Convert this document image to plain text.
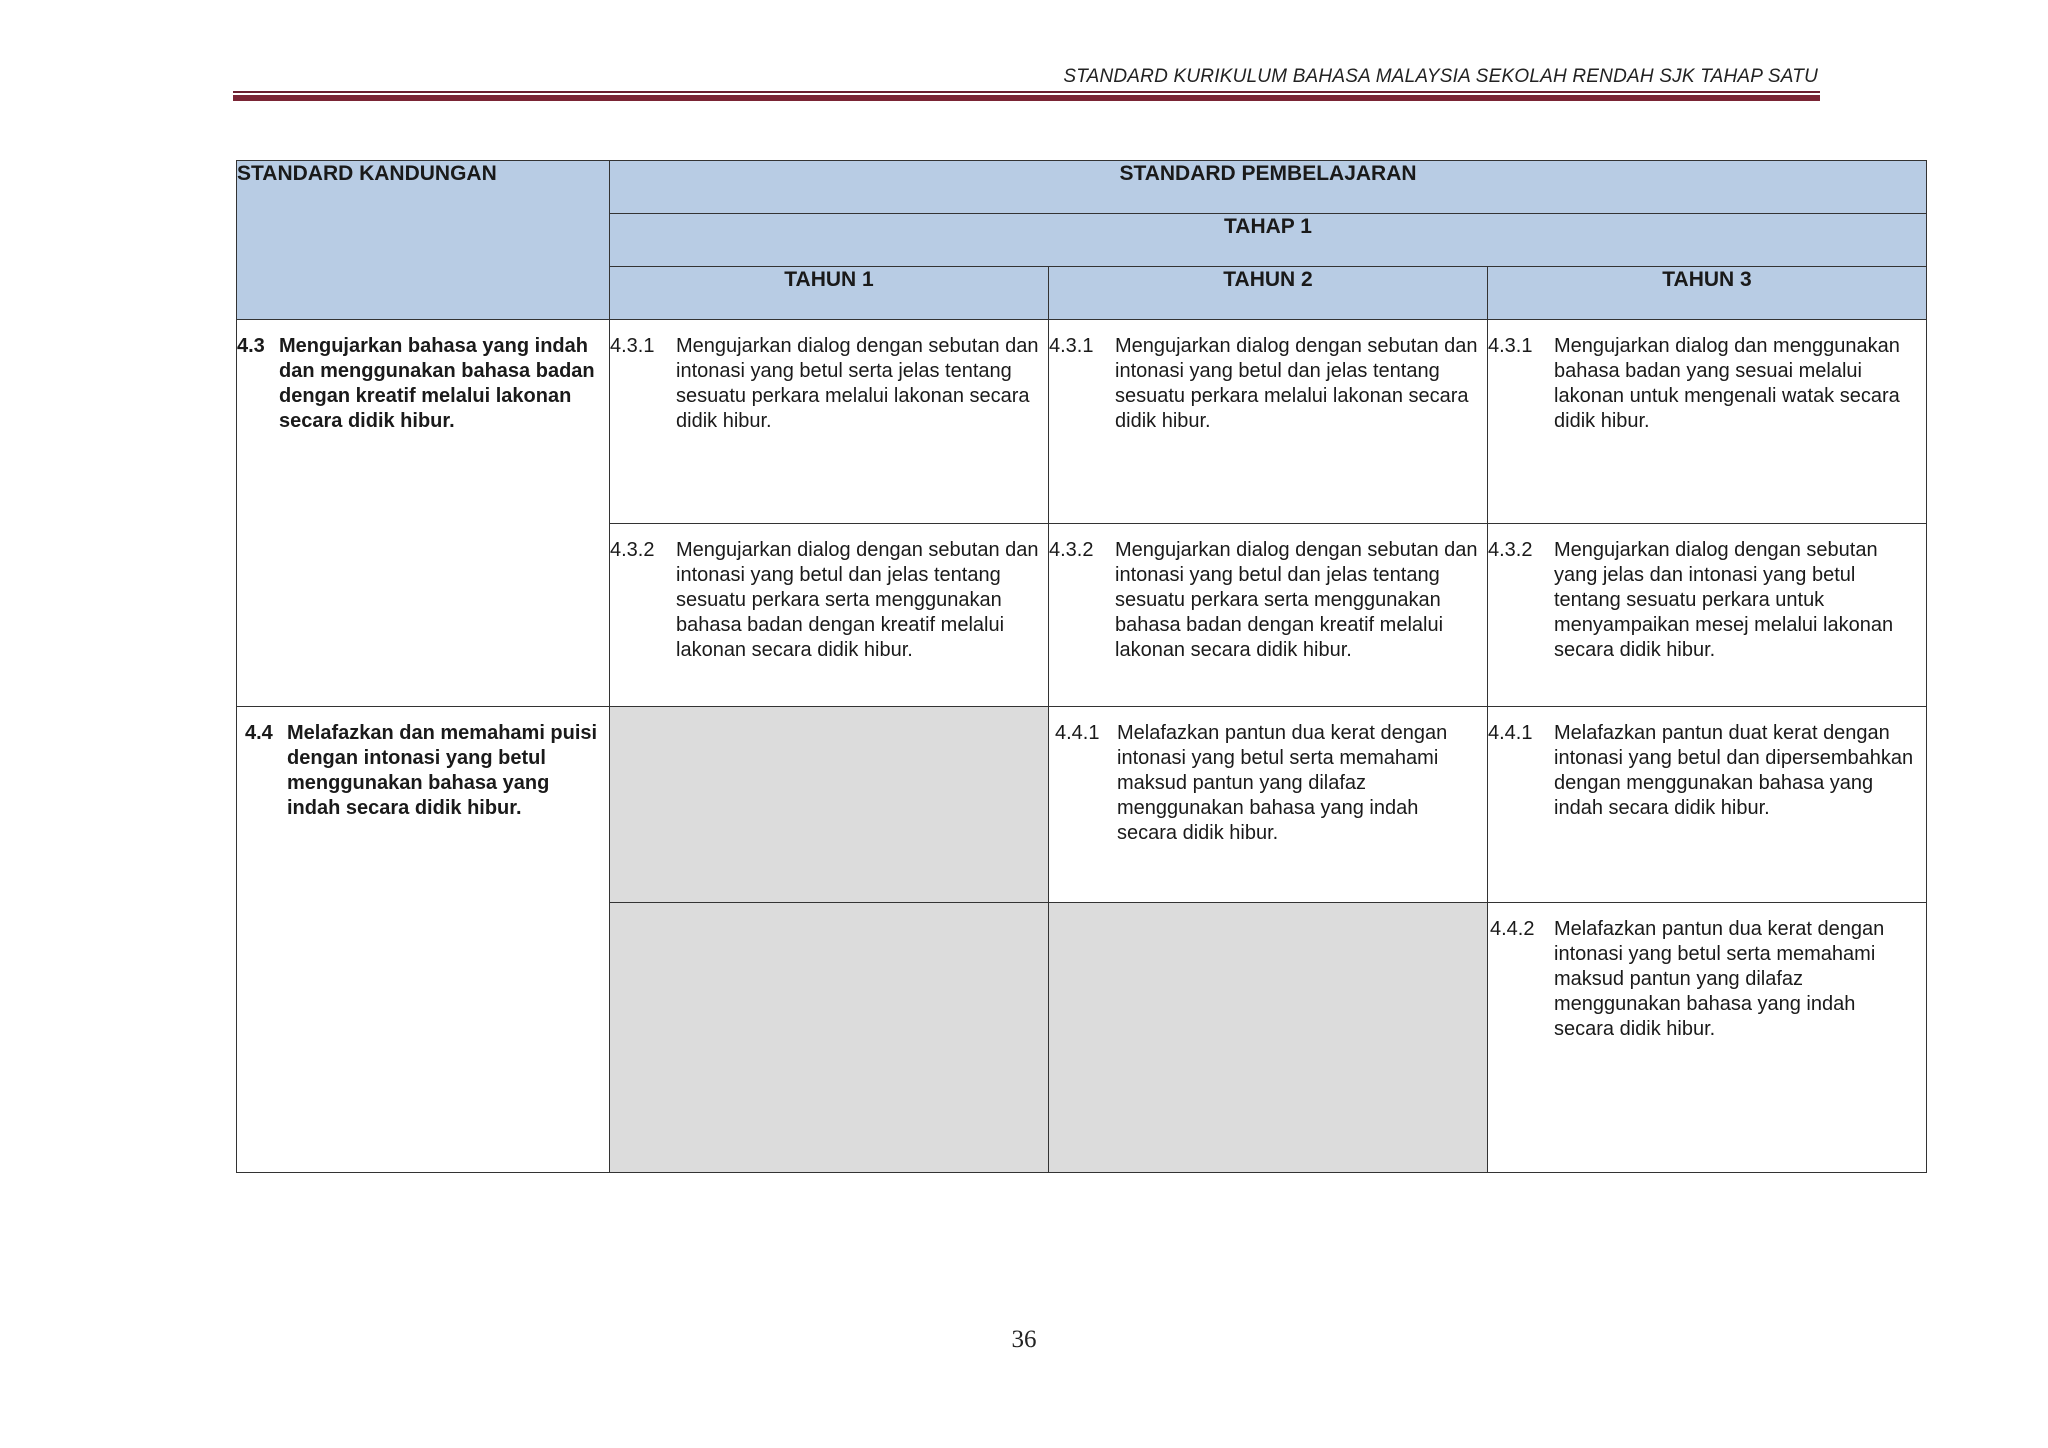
STANDARD KURIKULUM BAHASA MALAYSIA SEKOLAH RENDAH SJK TAHAP SATU
STANDARD KANDUNGAN	STANDARD PEMBELAJARAN		
	TAHAP 1		
	TAHUN 1	TAHUN 2	TAHUN 3

4.3 Mengujarkan bahasa yang indah dan menggunakan bahasa badan dengan kreatif melalui lakonan secara didik hibur.	4.3.1 Mengujarkan dialog dengan sebutan dan intonasi yang betul serta jelas tentang sesuatu perkara melalui lakonan secara didik hibur.	4.3.1 Mengujarkan dialog dengan sebutan dan intonasi yang betul dan jelas tentang sesuatu perkara melalui lakonan secara didik hibur.	4.3.1 Mengujarkan dialog dan menggunakan bahasa badan yang sesuai melalui lakonan untuk mengenali watak secara didik hibur.

	4.3.2 Mengujarkan dialog dengan sebutan dan intonasi yang betul dan jelas tentang sesuatu perkara serta menggunakan bahasa badan dengan kreatif melalui lakonan secara didik hibur.	4.3.2 Mengujarkan dialog dengan sebutan dan intonasi yang betul dan jelas tentang sesuatu perkara serta menggunakan bahasa badan dengan kreatif melalui lakonan secara didik hibur.	4.3.2 Mengujarkan dialog dengan sebutan yang jelas dan intonasi yang betul tentang sesuatu perkara untuk menyampaikan mesej melalui lakonan secara didik hibur.

4.4 Melafazkan dan memahami puisi dengan intonasi yang betul menggunakan bahasa yang indah secara didik hibur.		4.4.1 Melafazkan pantun dua kerat dengan intonasi yang betul serta memahami maksud pantun yang dilafaz menggunakan bahasa yang indah secara didik hibur.	4.4.1 Melafazkan pantun duat kerat dengan intonasi yang betul dan dipersembahkan dengan menggunakan bahasa yang indah secara didik hibur.

			4.4.2 Melafazkan pantun dua kerat dengan intonasi yang betul serta memahami maksud pantun yang dilafaz menggunakan bahasa yang indah secara didik hibur.
36
